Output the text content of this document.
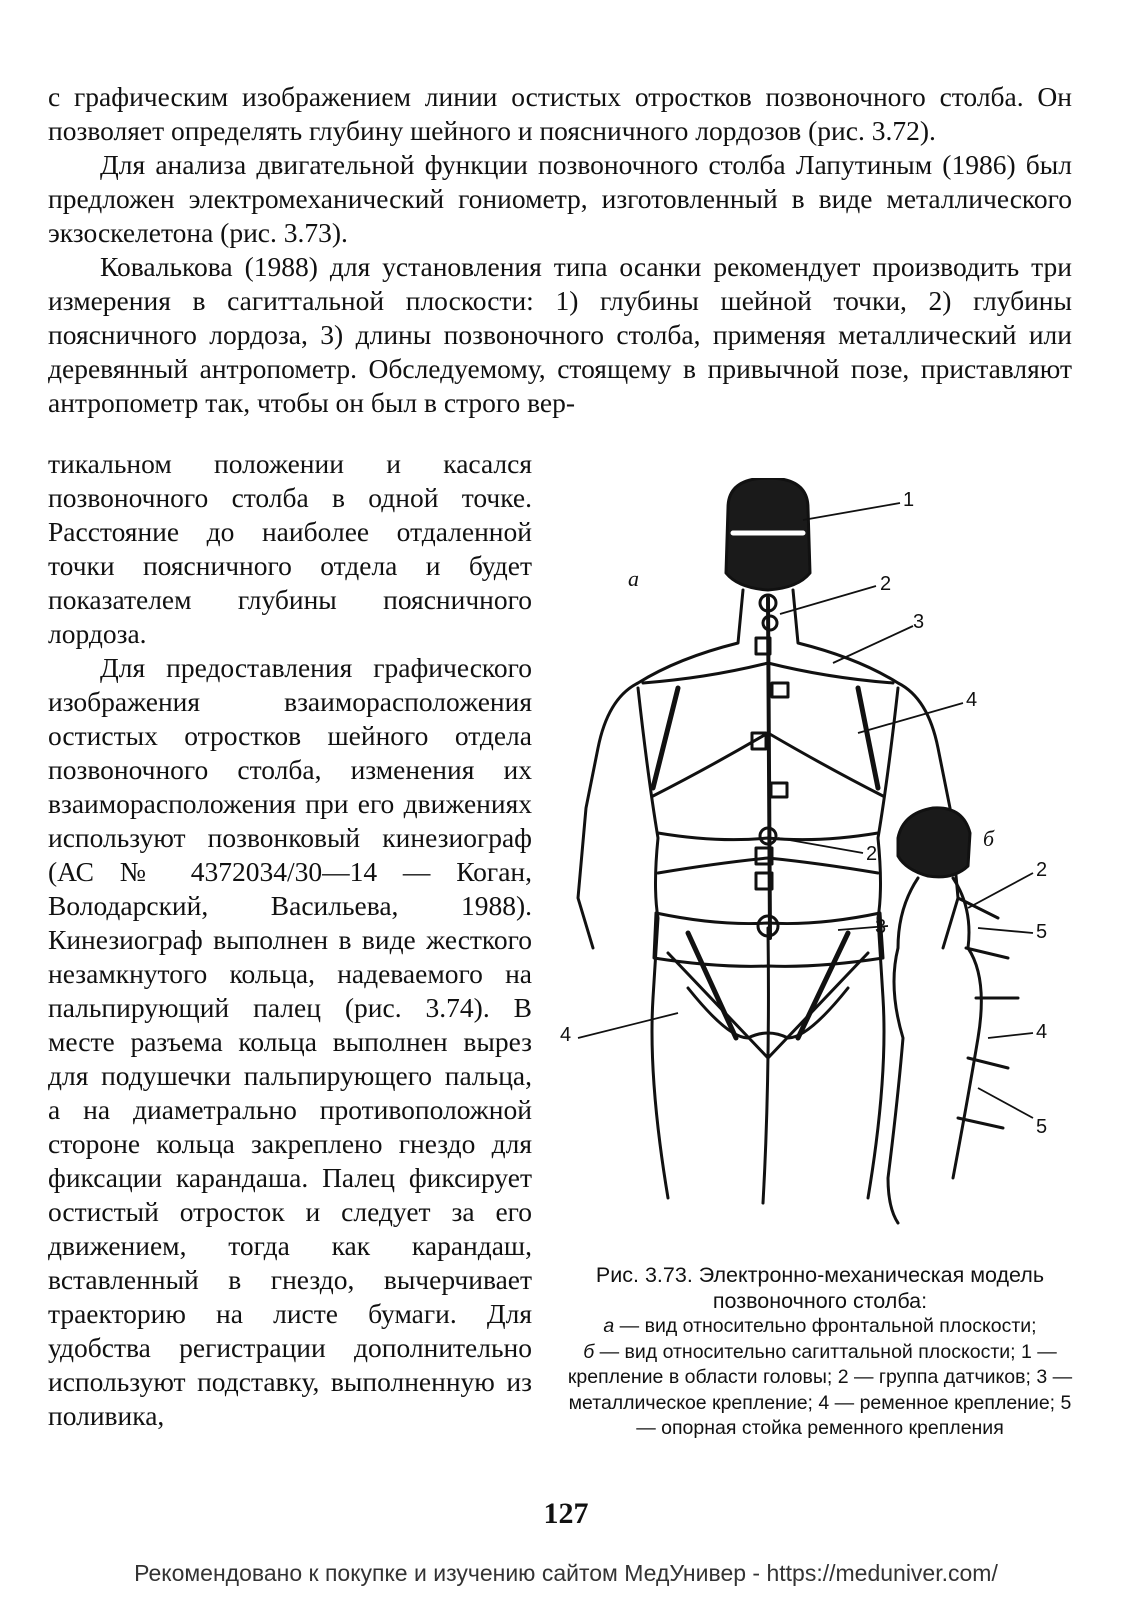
с графическим изображением линии остистых отростков позвоночного столба. Он позволяет определять глубину шейного и поясничного лордозов (рис. 3.72).

Для анализа двигательной функции позвоночного столба Лапутиным (1986) был предложен электромеханический гониометр, изготовленный в виде металлического экзоскелетона (рис. 3.73).

Ковалькова (1988) для установления типа осанки рекомендует производить три измерения в сагиттальной плоскости: 1) глубины шейной точки, 2) глубины поясничного лордоза, 3) длины позвоночного столба, применяя металлический или деревянный антропометр. Обследуемому, стоящему в привычной позе, приставляют антропометр так, чтобы он был в строго вер-

тикальном положении и касался позвоночного столба в одной точке. Расстояние до наиболее отдаленной точки поясничного отдела и будет показателем глубины поясничного лордоза.

Для предоставления графического изображения взаиморасположения остистых отростков шейного отдела позвоночного столба, изменения их взаиморасположения при его движениях используют позвонковый кинезиограф (АС № 4372034/30—14 — Коган, Володарский, Васильева, 1988). Кинезиограф выполнен в виде жесткого незамкнутого кольца, надеваемого на пальпирующий палец (рис. 3.74). В месте разъема кольца выполнен вырез для подушечки пальпирующего пальца, а на диаметрально противоположной стороне кольца закреплено гнездо для фиксации карандаша. Палец фиксирует остистый отросток и следует за его движением, тогда как карандаш, вставленный в гнездо, вычерчивает траекторию на листе бумаги. Для удобства регистрации дополнительно используют подставку, выполненную из поливика,

1
а	2
3
4
б
2
2
3	5
4	4
5
Рис. 3.73. Электронно-механическая модель
позвоночного столба:
а — вид относительно фронтальной плоскости;
б — вид относительно сагиттальной плоскости; 1 — крепление в области головы; 2 — группа датчиков; 3 — металлическое крепление; 4 — ременное крепление; 5 — опорная стойка ременного крепления
127
Рекомендовано к покупке и изучению сайтом МедУнивер - https://meduniver.com/
